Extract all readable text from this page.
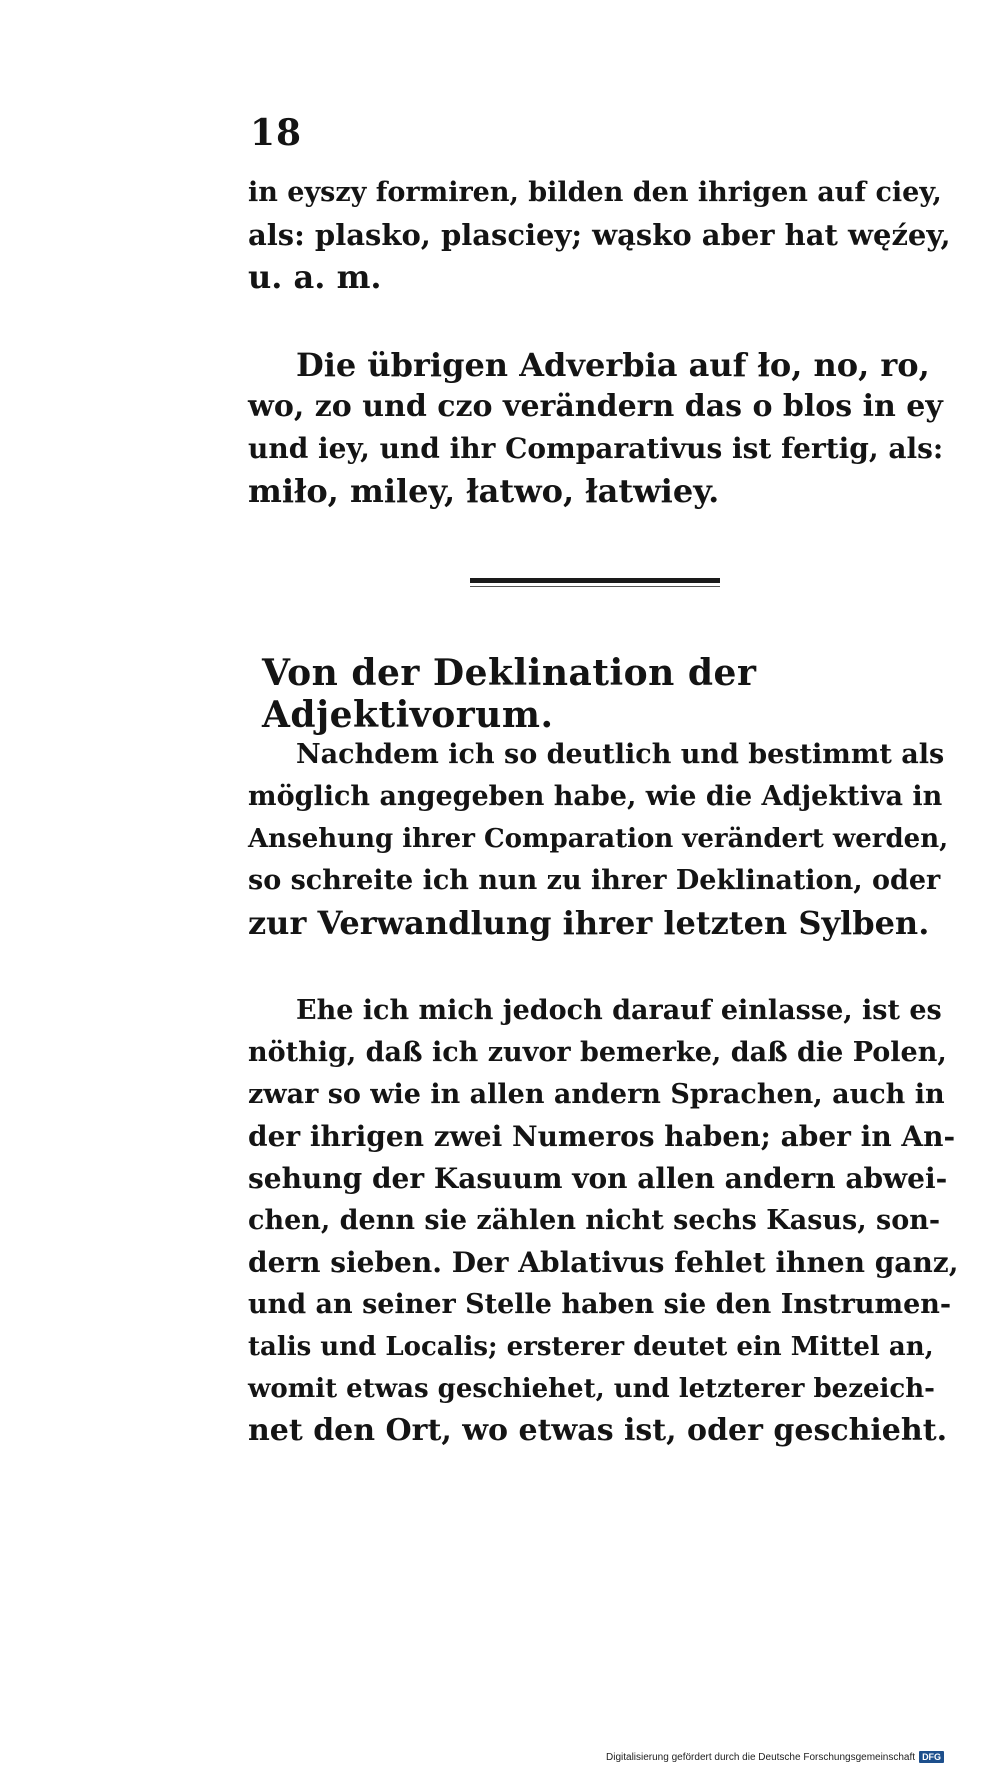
18

in eyszy formiren, bilden den ihrigen auf ciey,
als: plasko, plasciey; wąsko aber hat węźey,
u. a. m.

Die übrigen Adverbia auf ło, no, ro,
wo, zo und czo verändern das o blos in ey
und iey, und ihr Comparativus ist fertig, als:
miło, miley, łatwo, łatwiey.

Von der Deklination der Adjektivorum.

Nachdem ich so deutlich und bestimmt als
möglich angegeben habe, wie die Adjektiva in
Ansehung ihrer Comparation verändert werden,
so schreite ich nun zu ihrer Deklination, oder
zur Verwandlung ihrer letzten Sylben.

Ehe ich mich jedoch darauf einlasse, ist es
nöthig, daß ich zuvor bemerke, daß die Polen,
zwar so wie in allen andern Sprachen, auch in
der ihrigen zwei Numeros haben; aber in An-
sehung der Kasuum von allen andern abwei-
chen, denn sie zählen nicht sechs Kasus, son-
dern sieben. Der Ablativus fehlet ihnen ganz,
und an seiner Stelle haben sie den Instrumen-
talis und Localis; ersterer deutet ein Mittel an,
womit etwas geschiehet, und letzterer bezeich-
net den Ort, wo etwas ist, oder geschieht.

Digitalisierung gefördert durch die Deutsche Forschungsgemeinschaft DFG
